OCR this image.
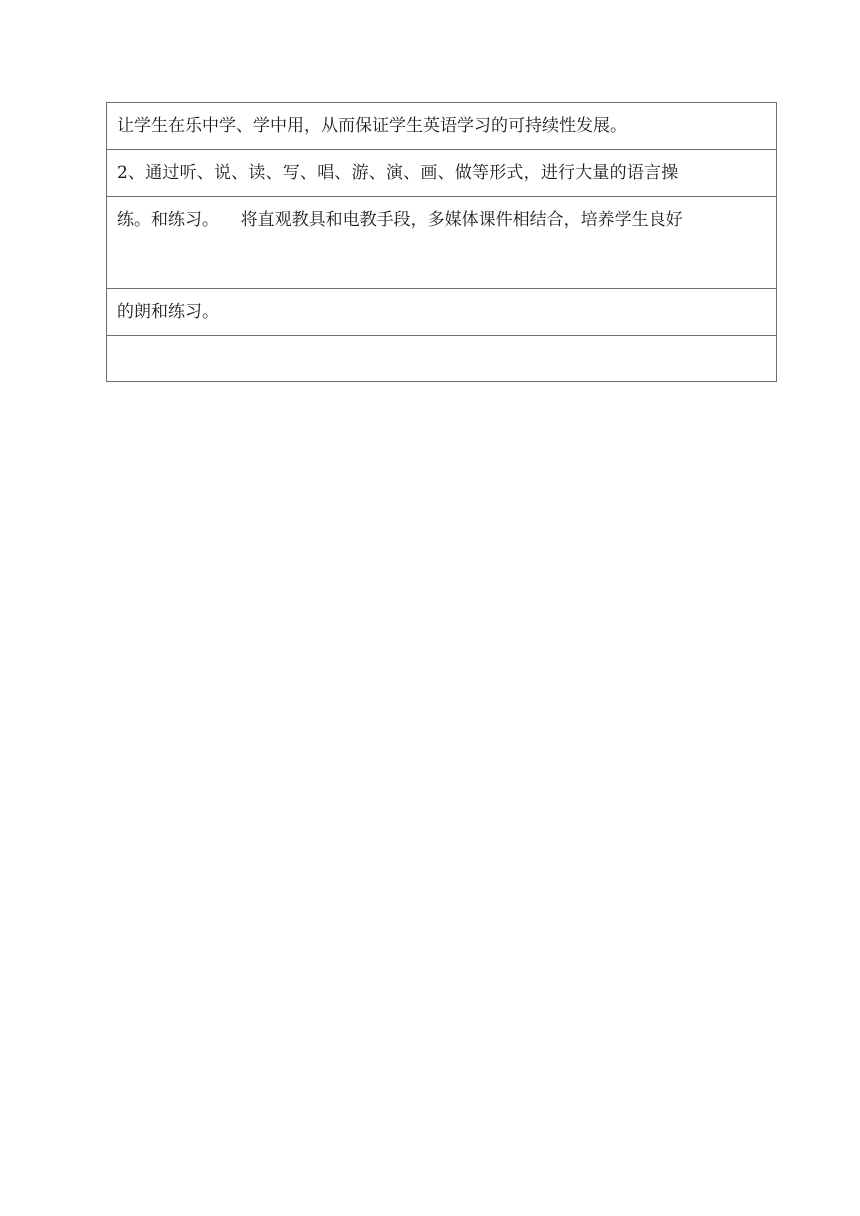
让学生在乐中学、学中用，从而保证学生英语学习的可持续性发展。

2、通过听、说、读、写、唱、游、演、画、做等形式，进行大量的语言操

练。和练习。    将直观教具和电教手段，多媒体课件相结合，培养学生良好

的朗和练习。
